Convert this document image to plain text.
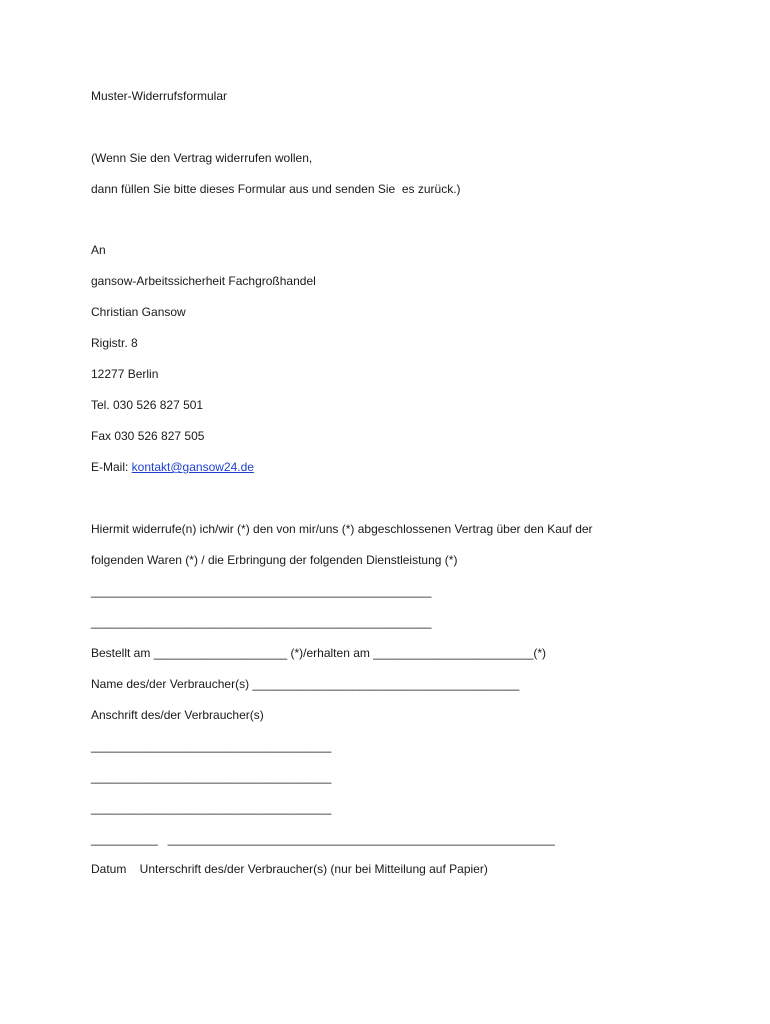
Muster-Widerrufsformular
(Wenn Sie den Vertrag widerrufen wollen,
dann füllen Sie bitte dieses Formular aus und senden Sie  es zurück.)
An
gansow-Arbeitssicherheit Fachgroßhandel
Christian Gansow
Rigistr. 8
12277 Berlin
Tel. 030 526 827 501
Fax 030 526 827 505
E-Mail: kontakt@gansow24.de
Hiermit widerrufe(n) ich/wir (*) den von mir/uns (*) abgeschlossenen Vertrag über den Kauf der
folgenden Waren (*) / die Erbringung der folgenden Dienstleistung (*)
___________________________________________________
___________________________________________________
Bestellt am ____________________ (*)/erhalten am ________________________(*)
Name des/der Verbraucher(s) ________________________________________
Anschrift des/der Verbraucher(s)
____________________________________
____________________________________
____________________________________
__________   __________________________________________________________
Datum    Unterschrift des/der Verbraucher(s) (nur bei Mitteilung auf Papier)
